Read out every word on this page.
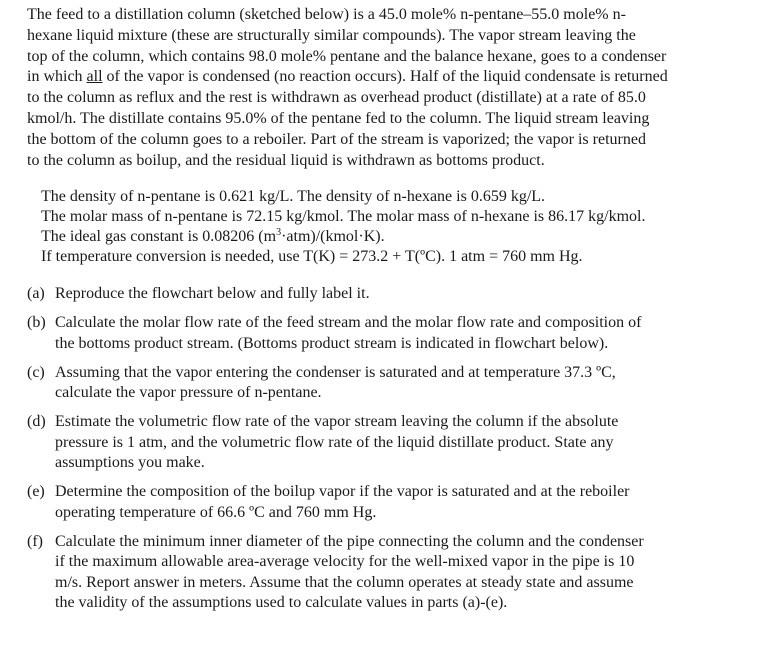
The feed to a distillation column (sketched below) is a 45.0 mole% n-pentane–55.0 mole% n-
hexane liquid mixture (these are structurally similar compounds). The vapor stream leaving the
top of the column, which contains 98.0 mole% pentane and the balance hexane, goes to a condenser
in which all of the vapor is condensed (no reaction occurs). Half of the liquid condensate is returned
to the column as reflux and the rest is withdrawn as overhead product (distillate) at a rate of 85.0
kmol/h. The distillate contains 95.0% of the pentane fed to the column. The liquid stream leaving
the bottom of the column goes to a reboiler. Part of the stream is vaporized; the vapor is returned
to the column as boilup, and the residual liquid is withdrawn as bottoms product.

The density of n-pentane is 0.621 kg/L. The density of n-hexane is 0.659 kg/L.
The molar mass of n-pentane is 72.15 kg/kmol. The molar mass of n-hexane is 86.17 kg/kmol.
The ideal gas constant is 0.08206 $(m^3\cdot atm)/(kmol\cdot K)$.
If temperature conversion is needed, use T(K) = 273.2 + T(ºC). 1 atm = 760 mm Hg.
(a) Reproduce the flowchart below and fully label it.
(b) Calculate the molar flow rate of the feed stream and the molar flow rate and composition of
the bottoms product stream. (Bottoms product stream is indicated in flowchart below).
(c) Assuming that the vapor entering the condenser is saturated and at temperature 37.3 ºC,
calculate the vapor pressure of n-pentane.
(d) Estimate the volumetric flow rate of the vapor stream leaving the column if the absolute
pressure is 1 atm, and the volumetric flow rate of the liquid distillate product. State any
assumptions you make.
(e) Determine the composition of the boilup vapor if the vapor is saturated and at the reboiler
operating temperature of 66.6 ºC and 760 mm Hg.
(f) Calculate the minimum inner diameter of the pipe connecting the column and the condenser
if the maximum allowable area-average velocity for the well-mixed vapor in the pipe is 10
m/s. Report answer in meters. Assume that the column operates at steady state and assume
the validity of the assumptions used to calculate values in parts (a)-(e).
